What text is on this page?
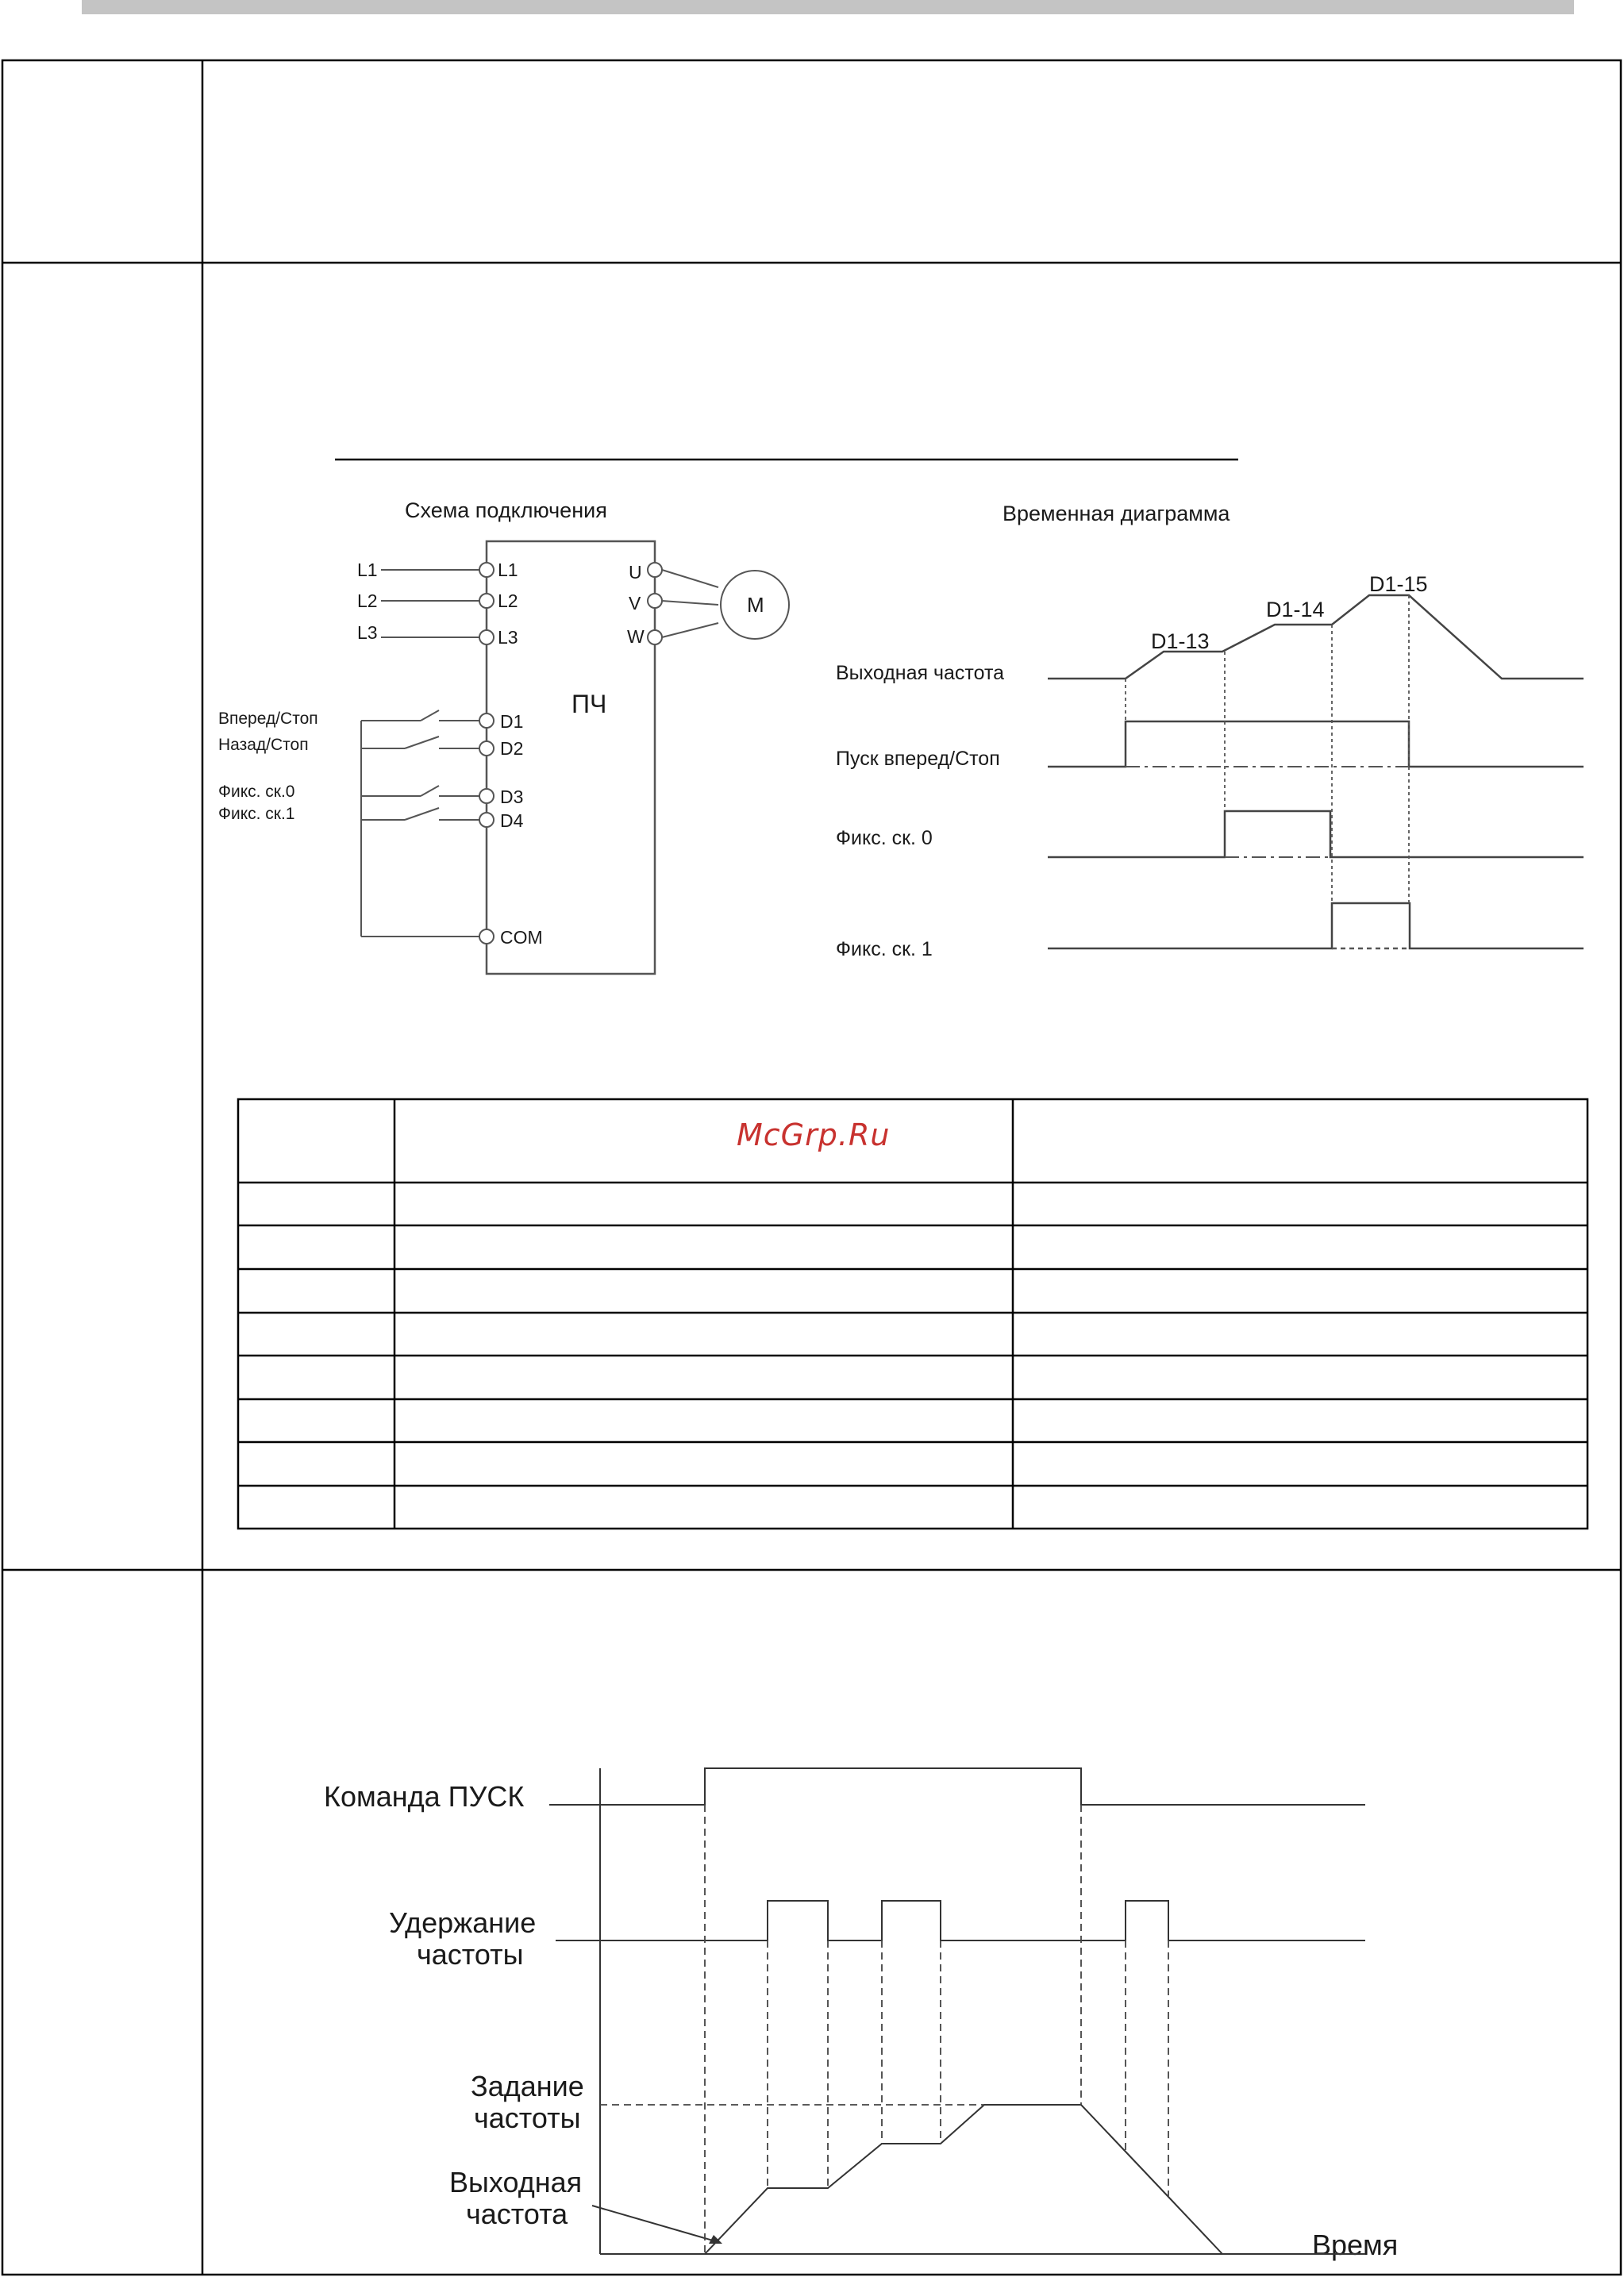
Схема подключения
ПЧ
L1
L2
L3
L1
L2
L3
U
V
W
M
Вперед/Стоп
Назад/Стоп
Фикс. ск.0
Фикс. ск.1
D1
D2
D3
D4
COM
Временная диаграмма
Выходная частота
Пуск вперед/Стоп
Фикс. ск. 0
Фикс. ск. 1
D1-13
D1-14
D1-15
Команда ПУСК
Удержание
частоты
Задание
частоты
Выходная
частота
Время
McGrp.Ru
